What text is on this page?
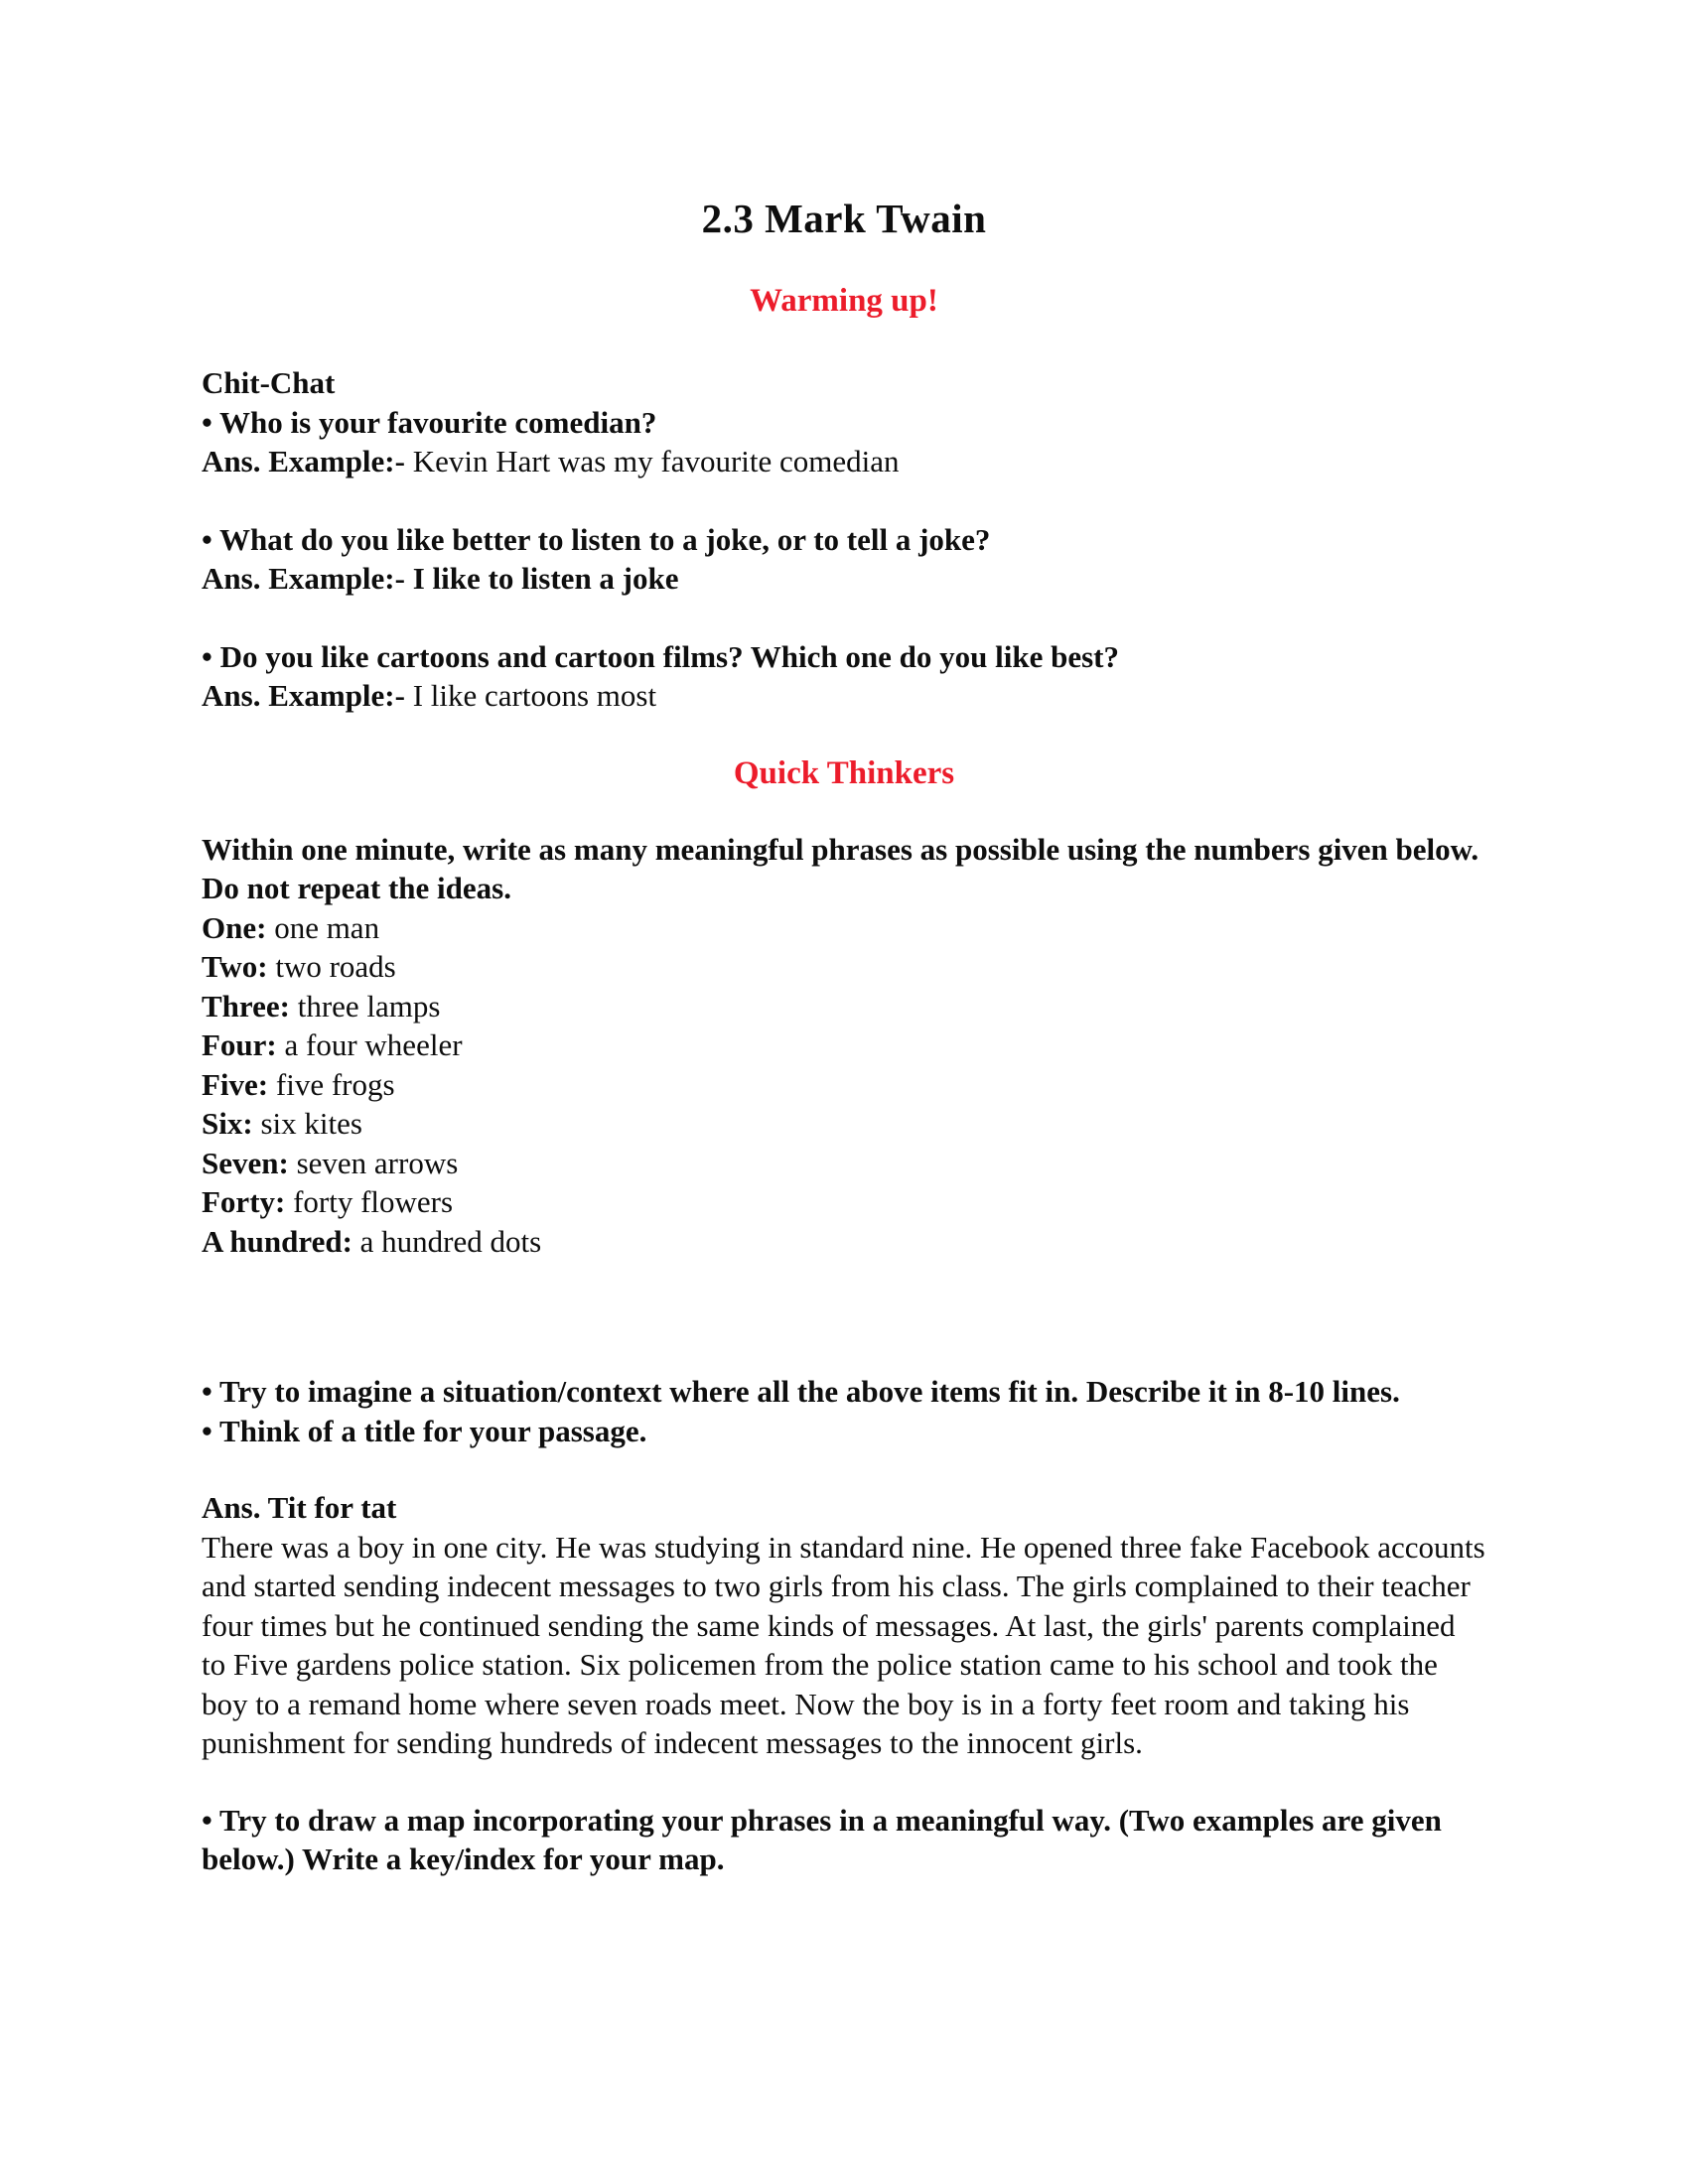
2.3 Mark Twain
Warming up!

Chit-Chat

• Who is your favourite comedian?

Ans. Example:- Kevin Hart was my favourite comedian

• What do you like better to listen to a joke, or to tell a joke?

Ans. Example:- I like to listen a joke

• Do you like cartoons and cartoon films? Which one do you like best?

Ans. Example:- I like cartoons most

Quick Thinkers

Within one minute, write as many meaningful phrases as possible using the numbers given below. Do not repeat the ideas.

One: one man
Two: two roads
Three: three lamps
Four: a four wheeler
Five: five frogs
Six: six kites
Seven: seven arrows
Forty: forty flowers
A hundred: a hundred dots

• Try to imagine a situation/context where all the above items fit in. Describe it in 8-10 lines.

• Think of a title for your passage.

Ans. Tit for tat

There was a boy in one city. He was studying in standard nine. He opened three fake Facebook accounts and started sending indecent messages to two girls from his class. The girls complained to their teacher four times but he continued sending the same kinds of messages. At last, the girls' parents complained to Five gardens police station. Six policemen from the police station came to his school and took the boy to a remand home where seven roads meet. Now the boy is in a forty feet room and taking his punishment for sending hundreds of indecent messages to the innocent girls.

• Try to draw a map incorporating your phrases in a meaningful way. (Two examples are given below.) Write a key/index for your map.
